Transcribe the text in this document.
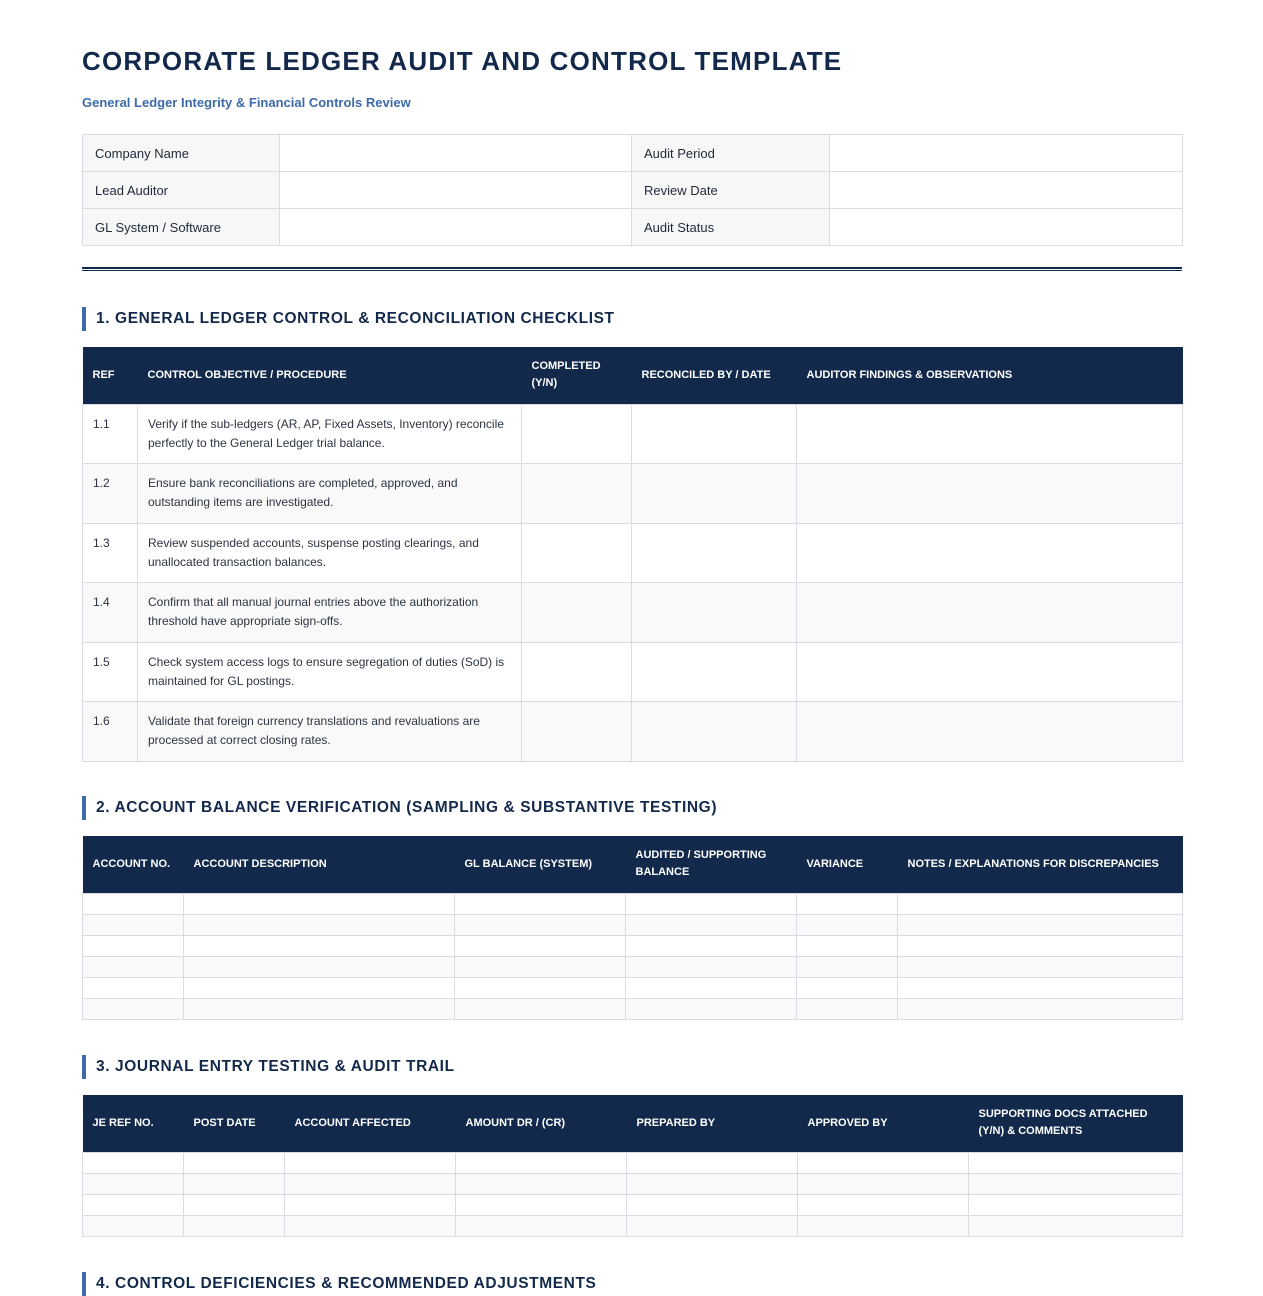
CORPORATE LEDGER AUDIT AND CONTROL TEMPLATE

General Ledger Integrity & Financial Controls Review

Company Name		Audit Period	
Lead Auditor		Review Date	
GL System / Software		Audit Status	
1. GENERAL LEDGER CONTROL & RECONCILIATION CHECKLIST
REF	CONTROL OBJECTIVE / PROCEDURE	COMPLETED (Y/N)	RECONCILED BY / DATE	AUDITOR FINDINGS & OBSERVATIONS
1.1	Verify if the sub-ledgers (AR, AP, Fixed Assets, Inventory) reconcile perfectly to the General Ledger trial balance.			
1.2	Ensure bank reconciliations are completed, approved, and outstanding items are investigated.			
1.3	Review suspended accounts, suspense posting clearings, and unallocated transaction balances.			
1.4	Confirm that all manual journal entries above the authorization threshold have appropriate sign-offs.			
1.5	Check system access logs to ensure segregation of duties (SoD) is maintained for GL postings.			
1.6	Validate that foreign currency translations and revaluations are processed at correct closing rates.			
2. ACCOUNT BALANCE VERIFICATION (SAMPLING & SUBSTANTIVE TESTING)
ACCOUNT NO.	ACCOUNT DESCRIPTION	GL BALANCE (SYSTEM)	AUDITED / SUPPORTING BALANCE	VARIANCE	NOTES / EXPLANATIONS FOR DISCREPANCIES

3. JOURNAL ENTRY TESTING & AUDIT TRAIL
JE REF NO.	POST DATE	ACCOUNT AFFECTED	AMOUNT DR / (CR)	PREPARED BY	APPROVED BY	SUPPORTING DOCS ATTACHED (Y/N) & COMMENTS

4. CONTROL DEFICIENCIES & RECOMMENDED ADJUSTMENTS
